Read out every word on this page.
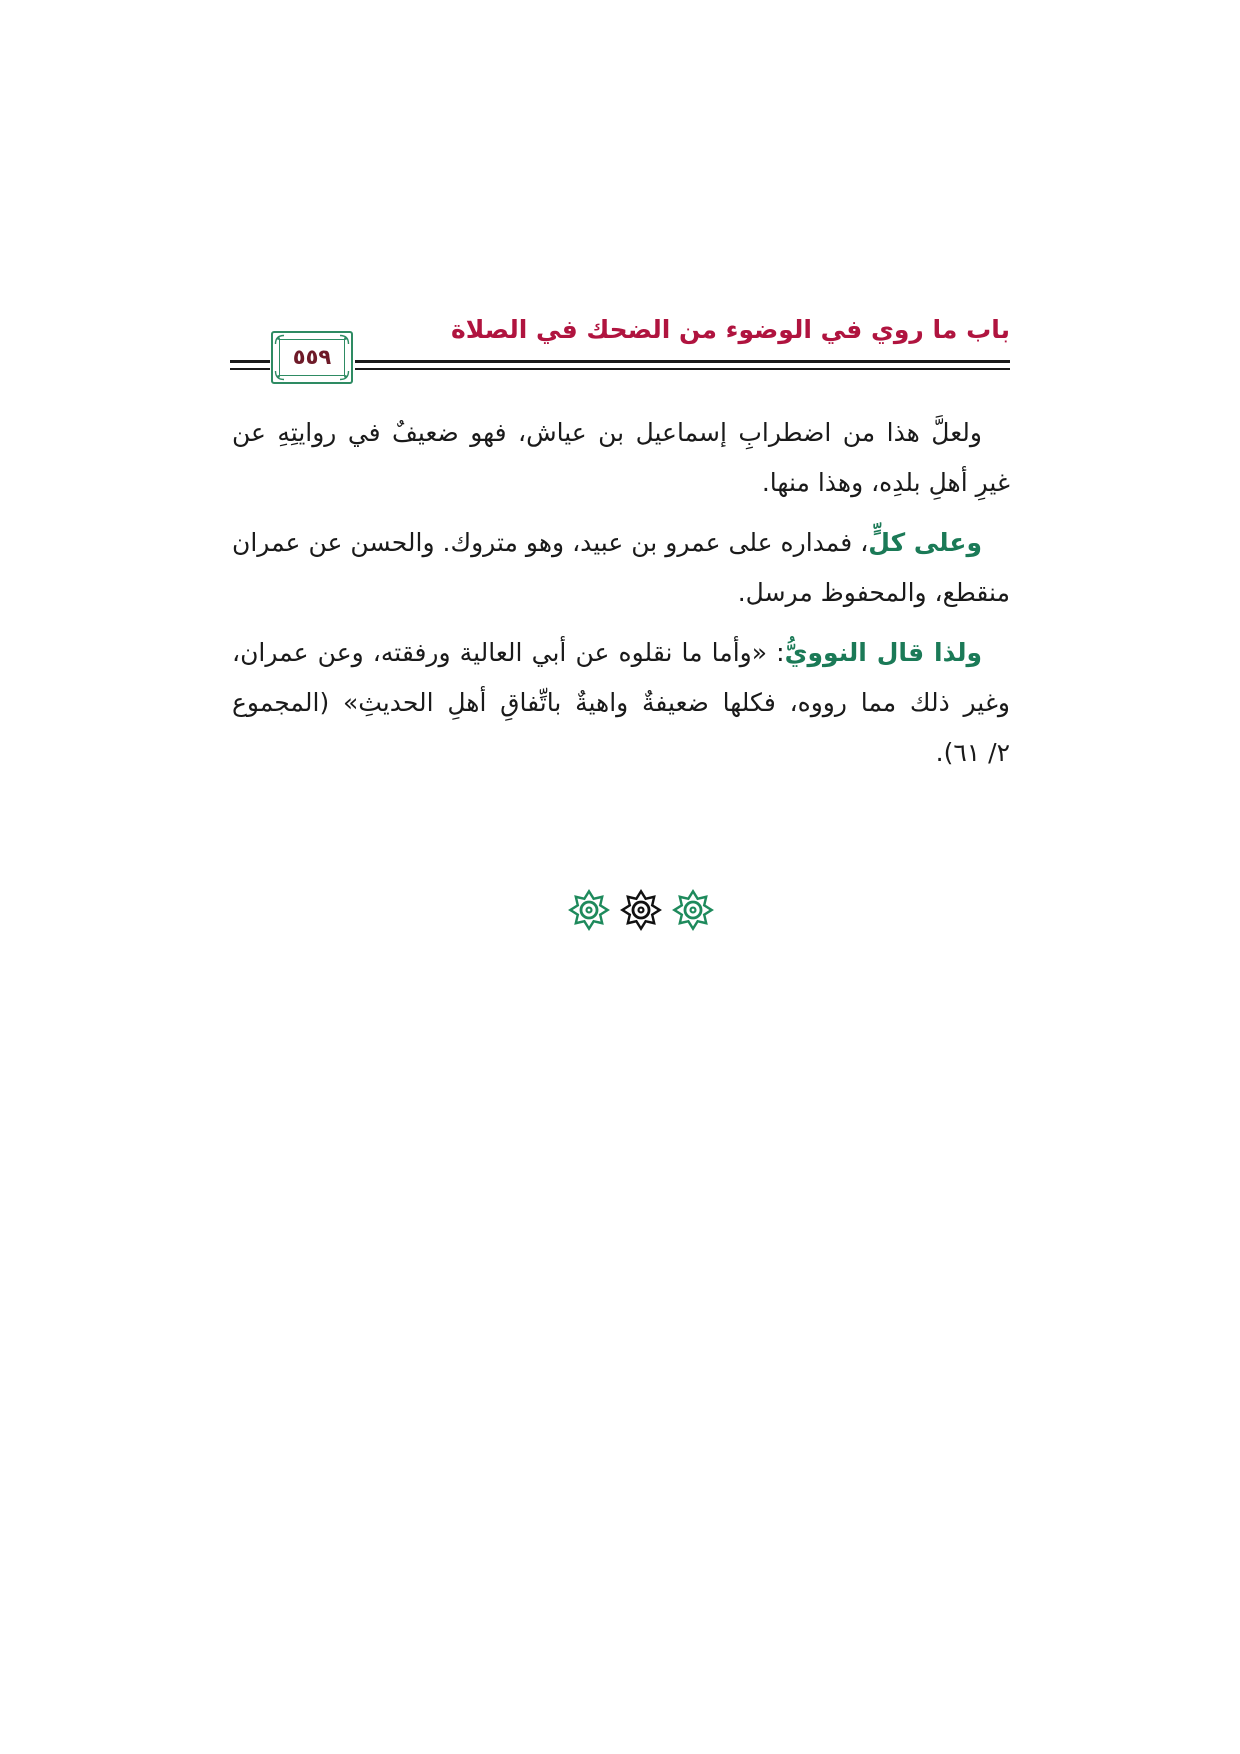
باب ما روي في الوضوء من الضحك في الصلاة
٥٥٩
ولعلَّ هذا من اضطرابِ إسماعيل بن عياش، فهو ضعيفٌ في روايتِهِ عن
غيرِ أهلِ بلدِه، وهذا منها.
وعلى كلٍّ، فمداره على عمرو بن عبيد، وهو متروك. والحسن عن عمران
منقطع، والمحفوظ مرسل.
ولذا قال النوويُّ: «وأما ما نقلوه عن أبي العالية ورفقته، وعن عمران،
وغير ذلك مما رووه، فكلها ضعيفةٌ واهيةٌ باتِّفاقِ أهلِ الحديثِ» (المجموع
٢/ ٦١).
